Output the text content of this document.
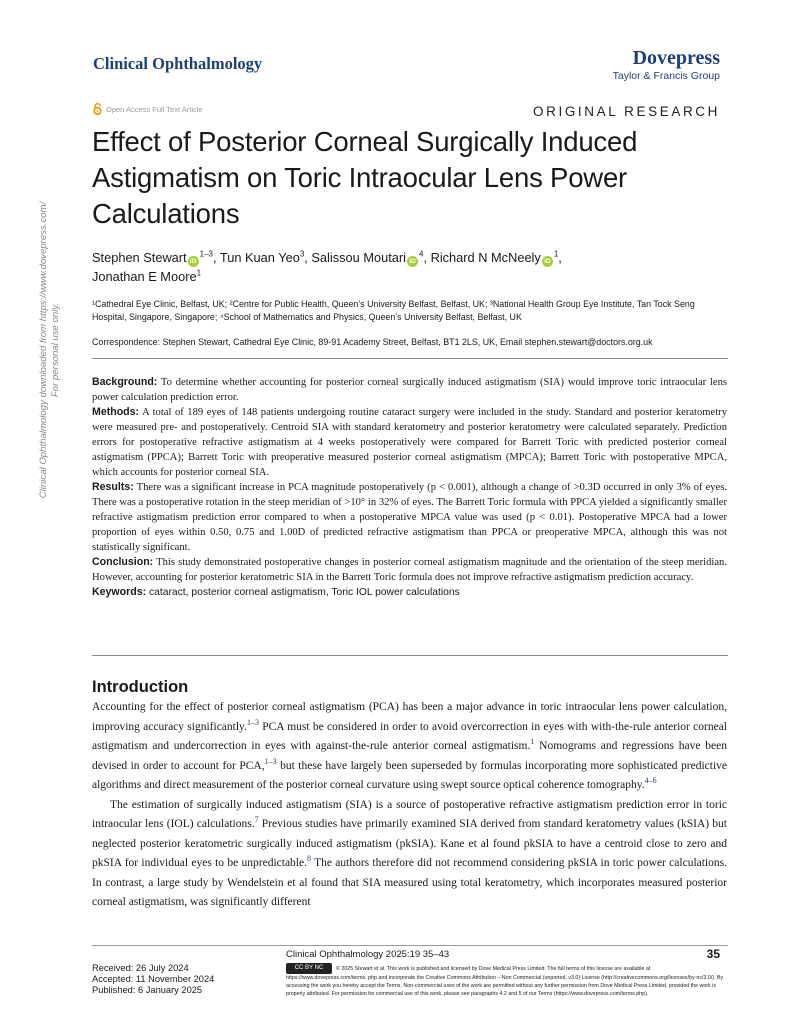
Clinical Ophthalmology	Dovepress
Taylor & Francis Group
Open Access Full Text Article	ORIGINAL RESEARCH
Effect of Posterior Corneal Surgically Induced Astigmatism on Toric Intraocular Lens Power Calculations
Stephen Stewart $iD^{1-3}$, Tun Kuan Yeo$^3$, Salissou Moutari $iD^4$, Richard N McNeely $iD^1$,
Jonathan E Moore$^1$
¹Cathedral Eye Clinic, Belfast, UK; ²Centre for Public Health, Queen’s University Belfast, Belfast, UK; ³National Health Group Eye Institute, Tan Tock Seng Hospital, Singapore, Singapore; ⁴School of Mathematics and Physics, Queen’s University Belfast, Belfast, UK
Correspondence: Stephen Stewart, Cathedral Eye Clinic, 89-91 Academy Street, Belfast, BT1 2LS, UK, Email stephen.stewart@doctors.org.uk

Background: To determine whether accounting for posterior corneal surgically induced astigmatism (SIA) would improve toric intraocular lens power calculation prediction error.

Methods: A total of 189 eyes of 148 patients undergoing routine cataract surgery were included in the study. Standard and posterior keratometry were measured pre- and postoperatively. Centroid SIA with standard keratometry and posterior keratometry were calculated separately. Prediction errors for postoperative refractive astigmatism at 4 weeks postoperatively were compared for Barrett Toric with predicted posterior corneal astigmatism (PPCA); Barrett Toric with preoperative measured posterior corneal astigmatism (MPCA); Barrett Toric with postoperative MPCA, which accounts for posterior corneal SIA.

Results: There was a significant increase in PCA magnitude postoperatively (p < 0.001), although a change of >0.3D occurred in only 3% of eyes. There was a postoperative rotation in the steep meridian of >10° in 32% of eyes. The Barrett Toric formula with PPCA yielded a significantly smaller refractive astigmatism prediction error compared to when a postoperative MPCA value was used (p < 0.01). Postoperative MPCA had a lower proportion of eyes within 0.50, 0.75 and 1.00D of predicted refractive astigmatism than PPCA or preoperative MPCA, although this was not statistically significant.

Conclusion: This study demonstrated postoperative changes in posterior corneal astigmatism magnitude and the orientation of the steep meridian. However, accounting for posterior keratometric SIA in the Barrett Toric formula does not improve refractive astigmatism prediction accuracy.

Keywords: cataract, posterior corneal astigmatism, Toric IOL power calculations

Introduction

Accounting for the effect of posterior corneal astigmatism (PCA) has been a major advance in toric intraocular lens power calculation, improving accuracy significantly.$^{1-3}$ PCA must be considered in order to avoid overcorrection in eyes with with-the-rule anterior corneal astigmatism and undercorrection in eyes with against-the-rule anterior corneal astigmatism.$^1$ Nomograms and regressions have been devised in order to account for PCA,$^{1-3}$ but these have largely been superseded by formulas incorporating more sophisticated predictive algorithms and direct measurement of the posterior corneal curvature using swept source optical coherence tomography.$^{4-6}$

The estimation of surgically induced astigmatism (SIA) is a source of postoperative refractive astigmatism prediction error in toric intraocular lens (IOL) calculations.$^7$ Previous studies have primarily examined SIA derived from standard keratometry values (kSIA) but neglected posterior keratometric surgically induced astigmatism (pkSIA). Kane et al found pkSIA to have a centroid close to zero and pkSIA for individual eyes to be unpredictable.$^8$ The authors therefore did not recommend considering pkSIA in toric power calculations. In contrast, a large study by Wendelstein et al found that SIA measured using total keratometry, which incorporates measured posterior corneal astigmatism, was significantly different

Received: 26 July 2024
Accepted: 11 November 2024
Published: 6 January 2025
Clinical Ophthalmology 2025:19 35–43	35
CC BY NC © 2025 Stewart et al. This work is published and licensed by Dove Medical Press Limited. The full terms of this license are available at https://www.dovepress.com/terms. php and incorporate the Creative Commons Attribution – Non Commercial (unported, v3.0) License (http://creativecommons.org/licenses/by-nc/3.0/). By accessing the work you hereby accept the Terms. Non-commercial uses of the work are permitted without any further permission from Dove Medical Press Limited, provided the work is properly attributed. For permission for commercial use of this work, please see paragraphs 4.2 and 5 of our Terms (https://www.dovepress.com/terms.php).
Clinical Ophthalmology downloaded from https://www.dovepress.com/ For personal use only.
